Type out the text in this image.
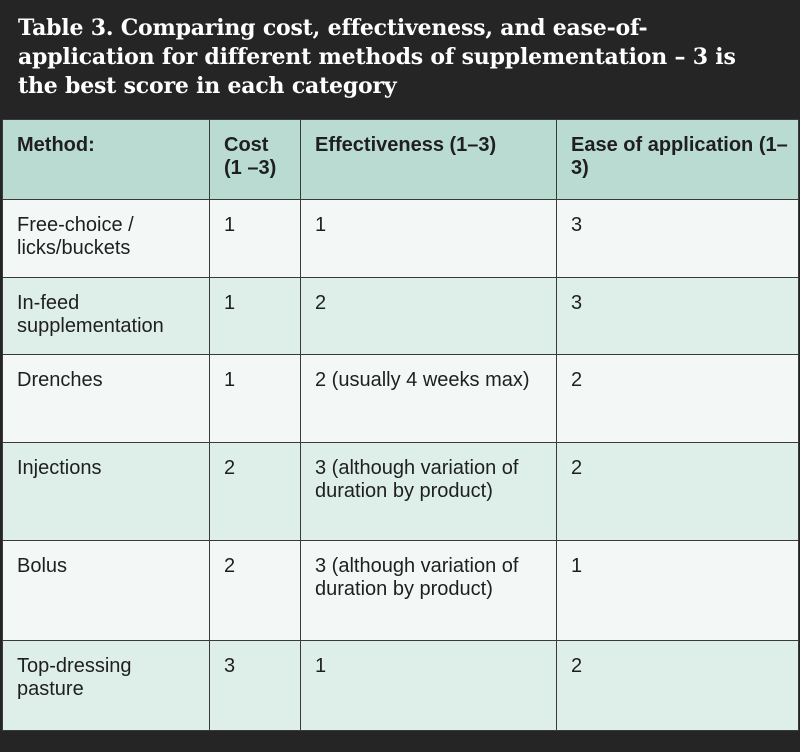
Table 3. Comparing cost, effectiveness, and ease-of-application for different methods of supplementation – 3 is the best score in each category
Method:	Cost (1 –3)	Effectiveness (1–3)	Ease of application (1–3)
Free-choice / licks/buckets	1	1	3
In-feed supplementation	1	2	3
Drenches	1	2 (usually 4 weeks max)	2
Injections	2	3 (although variation of duration by product)	2
Bolus	2	3 (although variation of duration by product)	1
Top-dressing pasture	3	1	2
